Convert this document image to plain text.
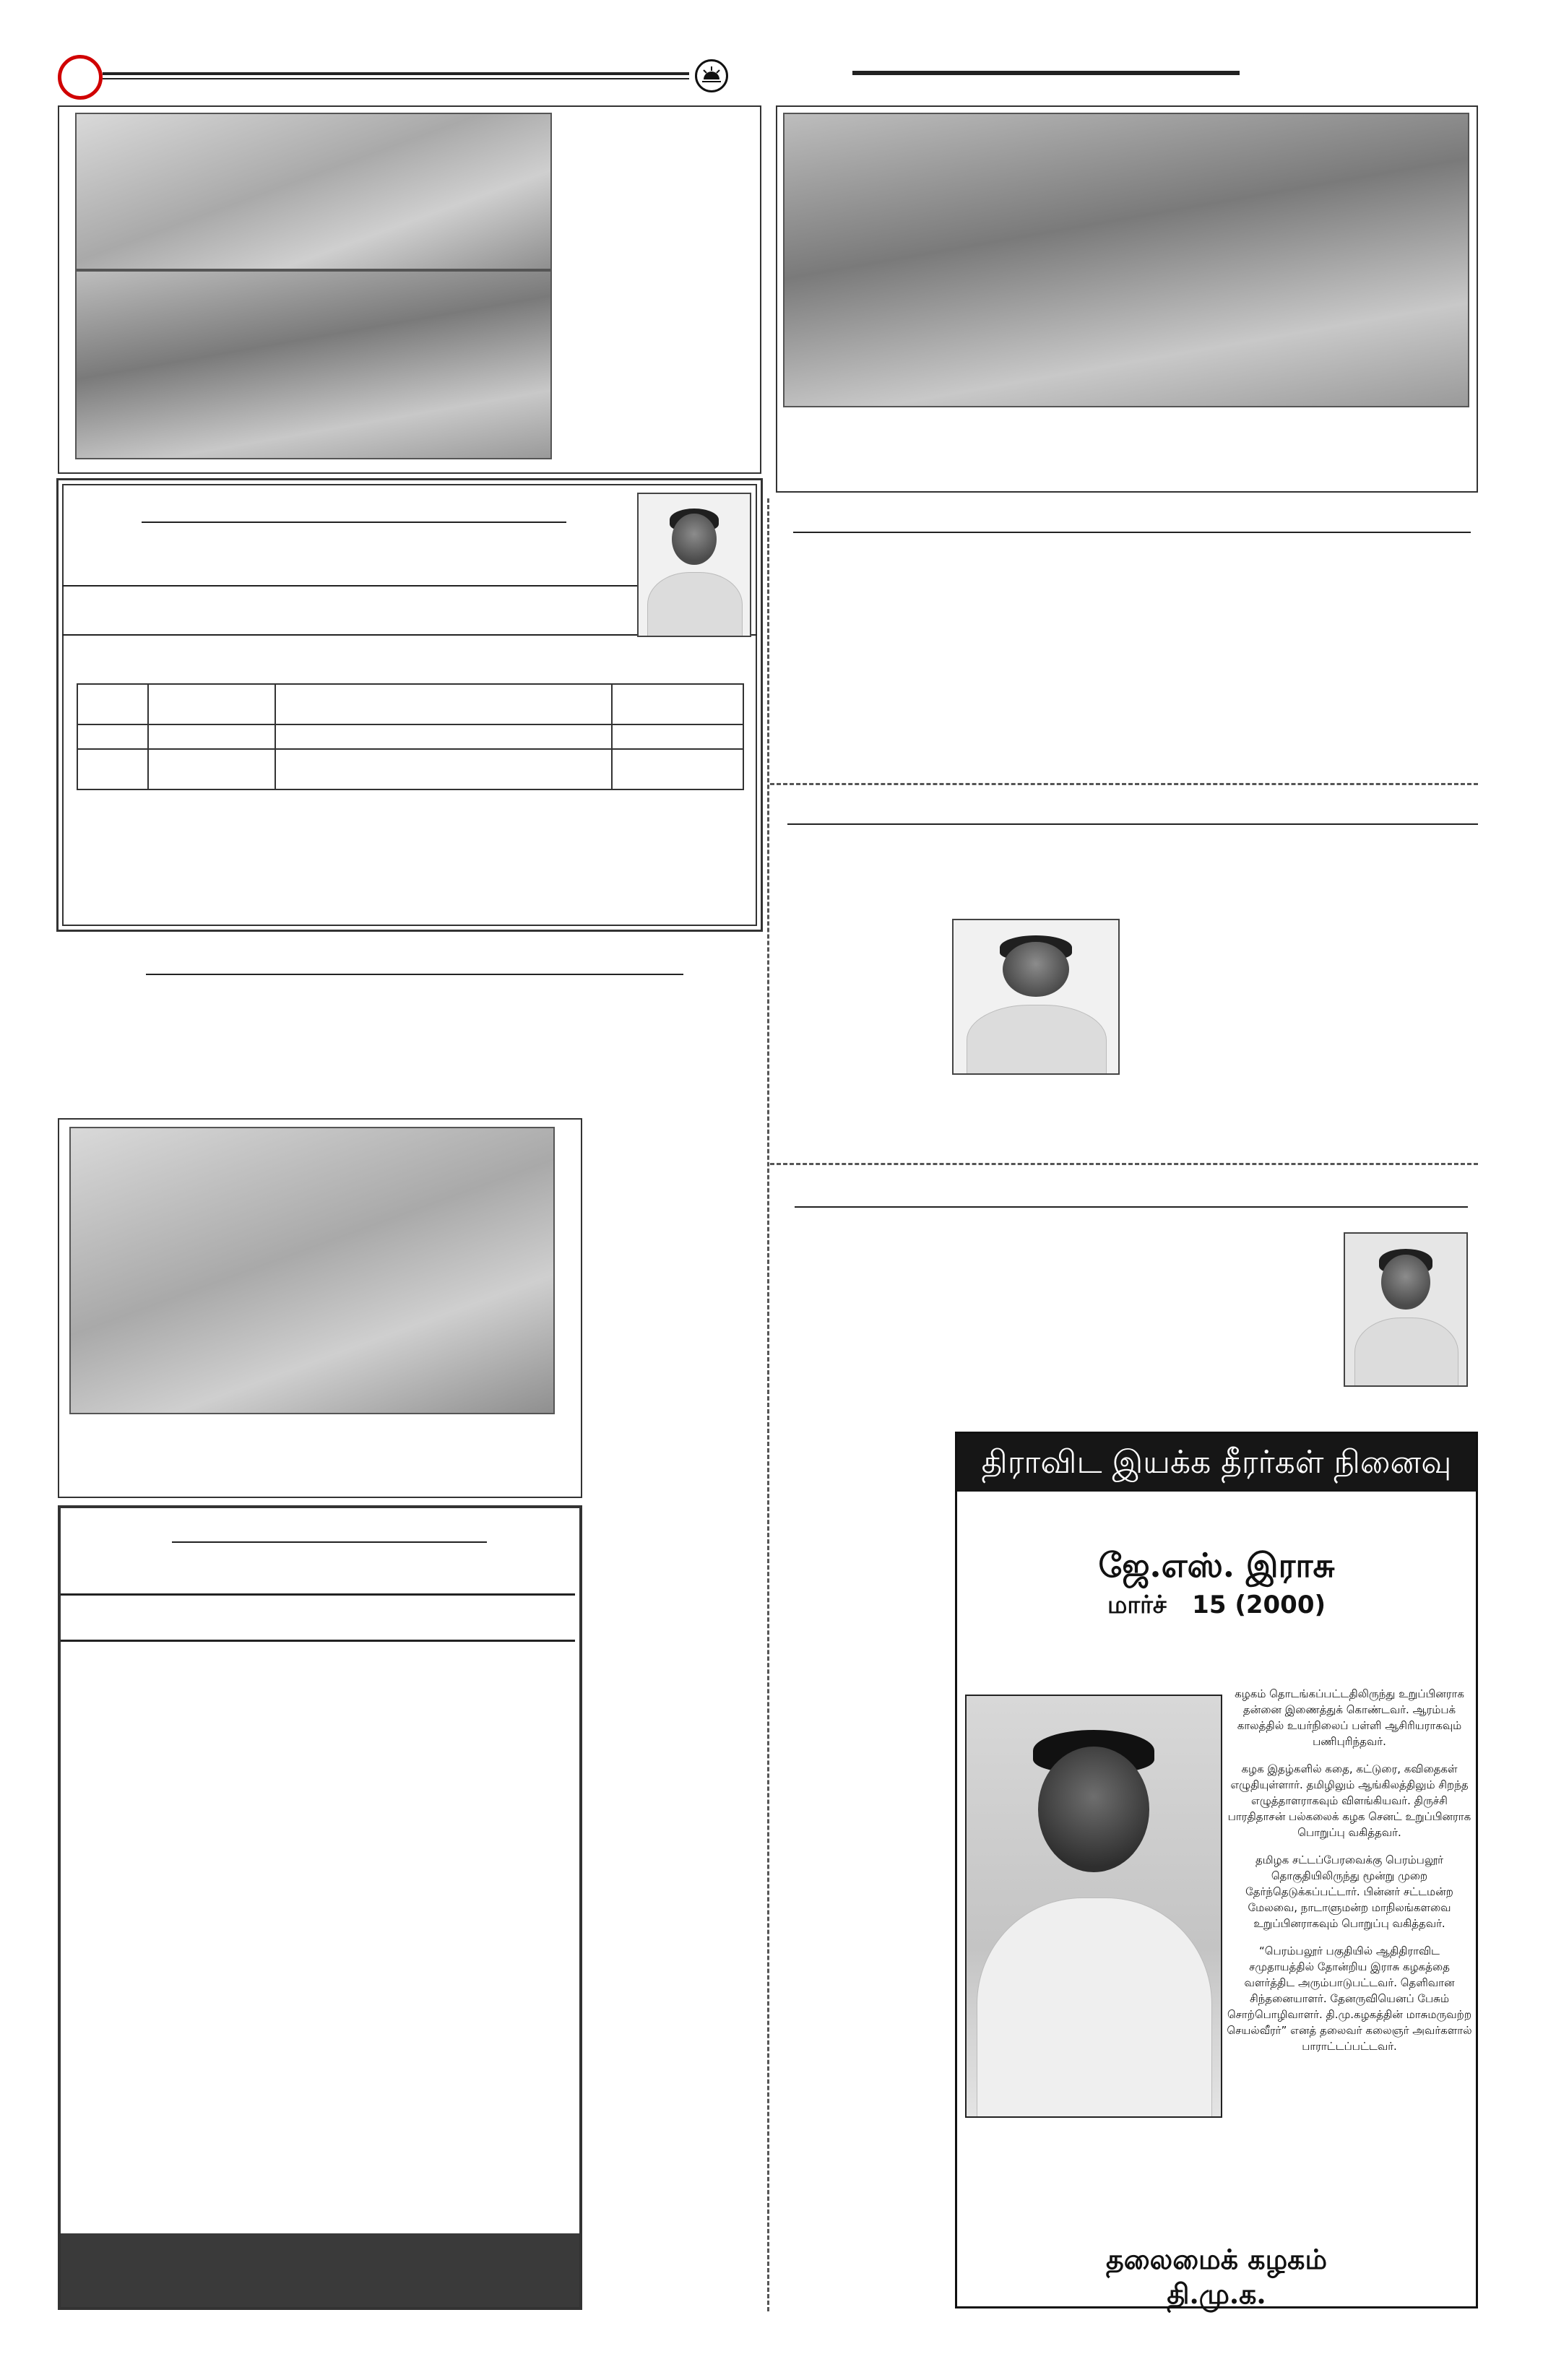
திராவிட இயக்க தீரர்கள் நினைவு நாள்
ஜே.எஸ். இராசு
மார்ச்   15 (2000)

கழகம் தொடங்கப்பட்டதிலிருந்து உறுப்பினராக தன்னை இணைத்துக் கொண்டவர். ஆரம்பக் காலத்தில் உயர்நிலைப் பள்ளி ஆசிரியராகவும் பணிபுரிந்தவர்.

கழக இதழ்களில் கதை, கட்டுரை, கவிதைகள் எழுதியுள்ளார். தமிழிலும் ஆங்கிலத்திலும் சிறந்த எழுத்தாளராகவும் விளங்கியவர். திருச்சி பாரதிதாசன் பல்கலைக் கழக செனட் உறுப்பினராக பொறுப்பு வகித்தவர்.

தமிழக சட்டப்பேரவைக்கு பெரம்பலூர் தொகுதியிலிருந்து மூன்று முறை தேர்ந்தெடுக்கப்பட்டார். பின்னர் சட்டமன்ற மேலவை, நாடாளுமன்ற மாநிலங்களவை உறுப்பினராகவும் பொறுப்பு வகித்தவர்.

“பெரம்பலூர் பகுதியில் ஆதிதிராவிட சமுதாயத்தில் தோன்றிய இராசு கழகத்தை வளர்த்திட அரும்பாடுபட்டவர். தெளிவான சிந்தனையாளர். தேனருவியெனப் பேசும் சொற்பொழிவாளர். தி.மு.கழகத்தின் மாசுமருவற்ற செயல்வீரர்” எனத் தலைவர் கலைஞர் அவர்களால் பாராட்டப்பட்டவர்.

தலைமைக் கழகம்
தி.மு.க.
